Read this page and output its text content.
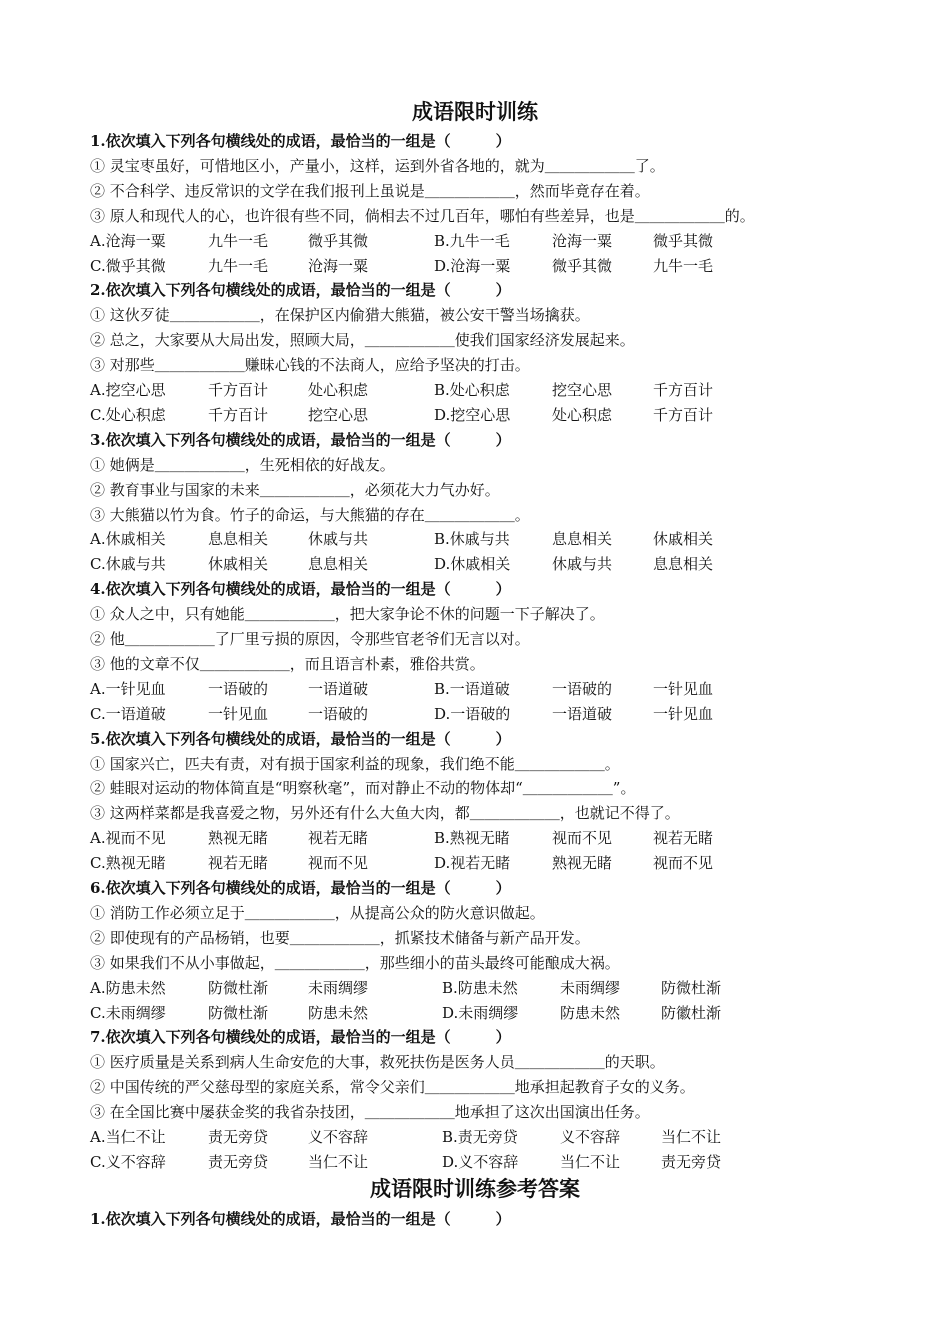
成语限时训练
1.依次填入下列各句横线处的成语，最恰当的一组是（　　　）
① 灵宝枣虽好，可惜地区小，产量小，这样，运到外省各地的，就为＿＿＿＿＿＿了。
② 不合科学、违反常识的文学在我们报刊上虽说是＿＿＿＿＿＿，然而毕竟存在着。
③ 原人和现代人的心，也许很有些不同，倘相去不过几百年，哪怕有些差异，也是＿＿＿＿＿＿的。
A.沧海一粟	九牛一毛	微乎其微	B.九牛一毛	沧海一粟	微乎其微
C.微乎其微	九牛一毛	沧海一粟	D.沧海一粟	微乎其微	九牛一毛
2.依次填入下列各句横线处的成语，最恰当的一组是（　　　）
① 这伙歹徒＿＿＿＿＿＿，在保护区内偷猎大熊猫，被公安干警当场擒获。
② 总之，大家要从大局出发，照顾大局，＿＿＿＿＿＿使我们国家经济发展起来。
③ 对那些＿＿＿＿＿＿赚昧心钱的不法商人，应给予坚决的打击。
A.挖空心思	千方百计	处心积虑	B.处心积虑	挖空心思	千方百计
C.处心积虑	千方百计	挖空心思	D.挖空心思	处心积虑	千方百计
3.依次填入下列各句横线处的成语，最恰当的一组是（　　　）
① 她俩是＿＿＿＿＿＿，生死相依的好战友。
② 教育事业与国家的未来＿＿＿＿＿＿，必须花大力气办好。
③ 大熊猫以竹为食。竹子的命运，与大熊猫的存在＿＿＿＿＿＿。
A.休戚相关	息息相关	休戚与共	B.休戚与共	息息相关	休戚相关
C.休戚与共	休戚相关	息息相关	D.休戚相关	休戚与共	息息相关
4.依次填入下列各句横线处的成语，最恰当的一组是（　　　）
① 众人之中，只有她能＿＿＿＿＿＿，把大家争论不休的问题一下子解决了。
② 他＿＿＿＿＿＿了厂里亏损的原因，令那些官老爷们无言以对。
③ 他的文章不仅＿＿＿＿＿＿，而且语言朴素，雅俗共赏。
A.一针见血	一语破的	一语道破	B.一语道破	一语破的	一针见血
C.一语道破	一针见血	一语破的	D.一语破的	一语道破	一针见血
5.依次填入下列各句横线处的成语，最恰当的一组是（　　　）
① 国家兴亡，匹夫有责，对有损于国家利益的现象，我们绝不能＿＿＿＿＿＿。
② 蛙眼对运动的物体简直是“明察秋毫”，而对静止不动的物体却“＿＿＿＿＿＿”。
③ 这两样菜都是我喜爱之物，另外还有什么大鱼大肉，都＿＿＿＿＿＿，也就记不得了。
A.视而不见	熟视无睹	视若无睹	B.熟视无睹	视而不见	视若无睹
C.熟视无睹	视若无睹	视而不见	D.视若无睹	熟视无睹	视而不见
6.依次填入下列各句横线处的成语，最恰当的一组是（　　　）
① 消防工作必须立足于＿＿＿＿＿＿，从提高公众的防火意识做起。
② 即使现有的产品杨销，也要＿＿＿＿＿＿，抓紧技术储备与新产品开发。
③ 如果我们不从小事做起，＿＿＿＿＿＿，那些细小的苗头最终可能酿成大祸。
A.防患未然	防微杜渐	未雨绸缪	B.防患未然	未雨绸缪	防微杜渐
C.未雨绸缪	防微杜渐	防患未然	D.未雨绸缪	防患未然	防徽杜渐
7.依次填入下列各句横线处的成语，最恰当的一组是（　　　）
① 医疗质量是关系到病人生命安危的大事，救死扶伤是医务人员＿＿＿＿＿＿的天职。
② 中国传统的严父慈母型的家庭关系，常令父亲们＿＿＿＿＿＿地承担起教育子女的义务。
③ 在全国比赛中屡获金奖的我省杂技团，＿＿＿＿＿＿地承担了这次出国演出任务。
A.当仁不让	责无旁贷	义不容辞	B.责无旁贷	义不容辞	当仁不让
C.义不容辞	责无旁贷	当仁不让	D.义不容辞	当仁不让	责无旁贷
成语限时训练参考答案
1.依次填入下列各句横线处的成语，最恰当的一组是（　　　）
